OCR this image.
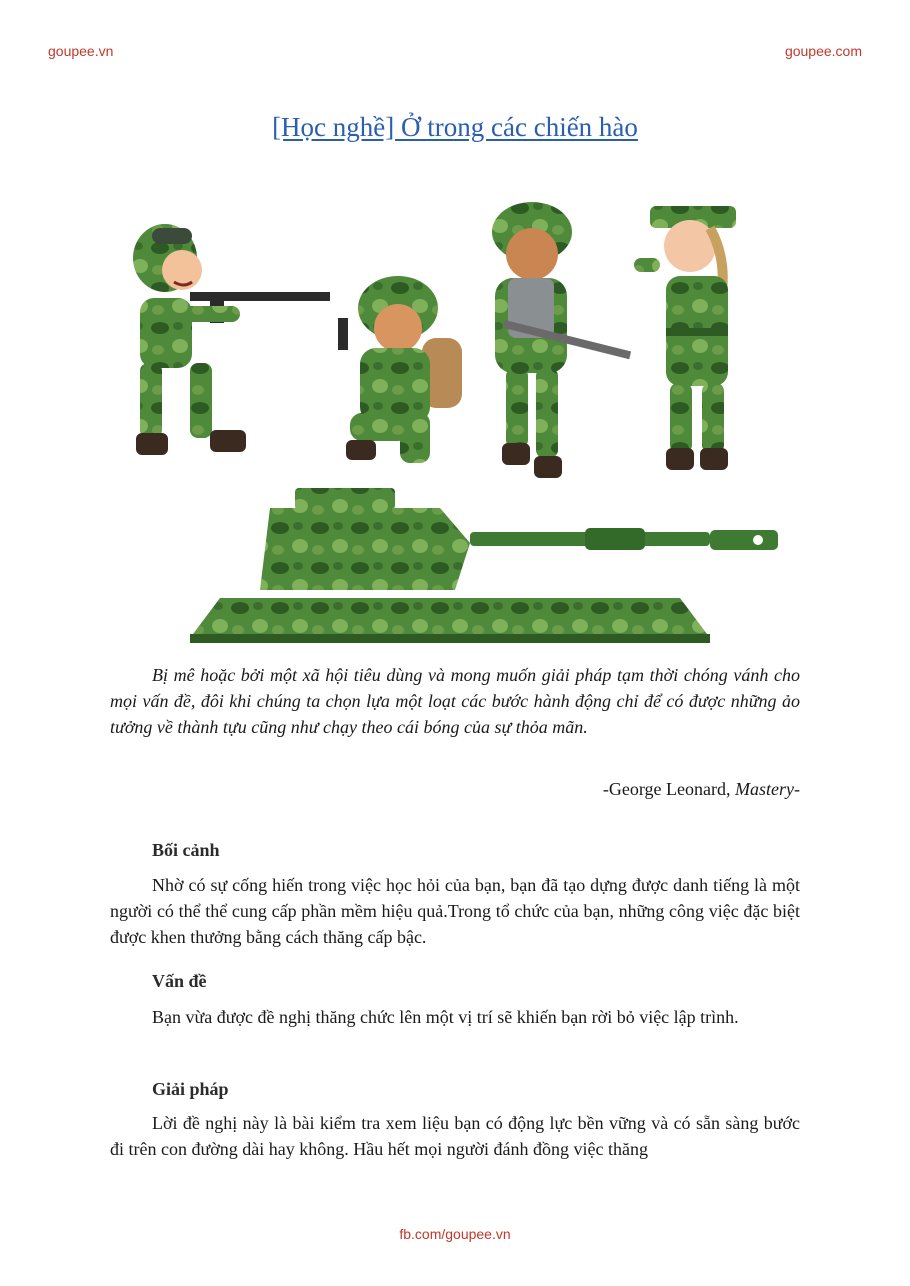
goupee.vn	goupee.com
[Học nghề] Ở trong các chiến hào
Bị mê hoặc bởi một xã hội tiêu dùng và mong muốn giải pháp tạm thời chóng vánh cho mọi vấn đề, đôi khi chúng ta chọn lựa một loạt các bước hành động chỉ để có được những ảo tưởng về thành tựu cũng như chạy theo cái bóng của sự thỏa mãn.
-George Leonard, Mastery-
Bối cảnh
Nhờ có sự cống hiến trong việc học hỏi của bạn, bạn đã tạo dựng được danh tiếng là một người có thể thể cung cấp phần mềm hiệu quả.Trong tổ chức của bạn, những công việc đặc biệt được khen thưởng bằng cách thăng cấp bậc.
Vấn đề
Bạn vừa được đề nghị thăng chức lên một vị trí sẽ khiến bạn rời bỏ việc lập trình.
Giải pháp
Lời đề nghị này là bài kiểm tra xem liệu bạn có động lực bền vững và có sẵn sàng bước đi trên con đường dài hay không. Hầu hết mọi người đánh đồng việc thăng
fb.com/goupee.vn
